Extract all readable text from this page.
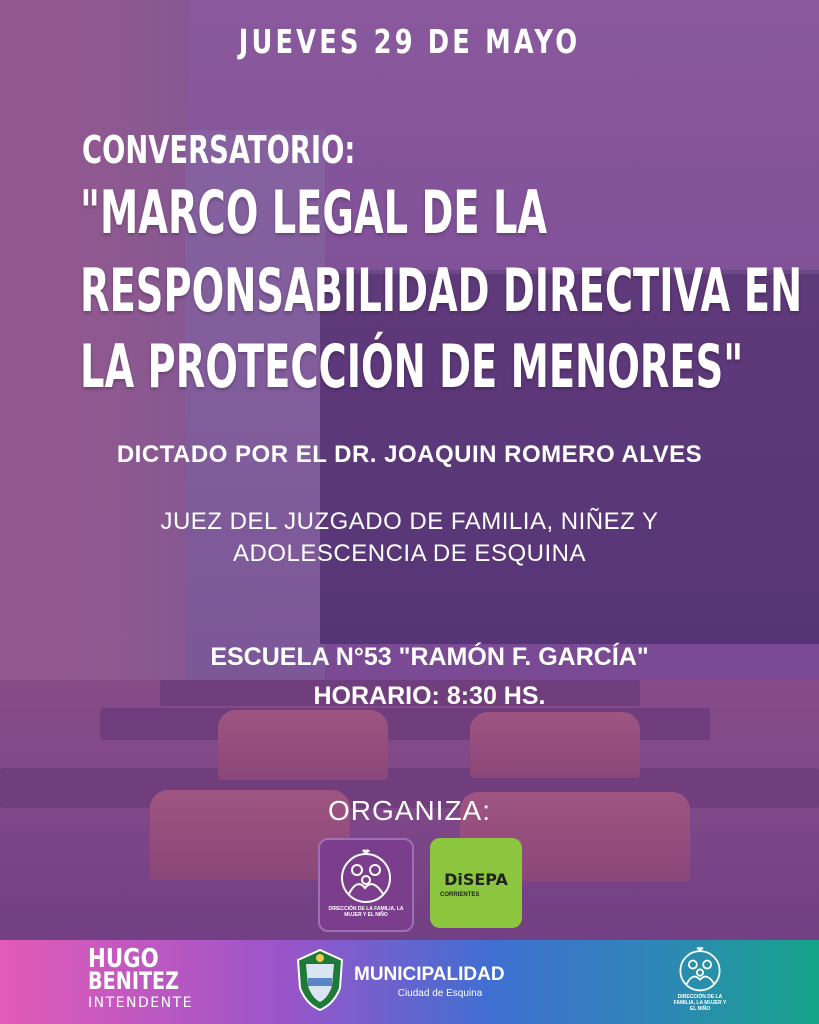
JUEVES 29 DE MAYO
CONVERSATORIO:
"MARCO LEGAL DE LA
RESPONSABILIDAD DIRECTIVA EN
LA PROTECCIÓN DE MENORES"
DICTADO POR EL DR. JOAQUIN ROMERO ALVES
JUEZ DEL JUZGADO DE FAMILIA, NIÑEZ Y
ADOLESCENCIA DE ESQUINA
ESCUELA N°53 "RAMÓN F. GARCÍA"
HORARIO: 8:30 HS.
ORGANIZA:
DIRECCIÓN DE LA FAMILIA, LA MUJER Y EL NIÑO
DiSEPA
CORRIENTES
HUGO
BENITEZ
INTENDENTE
MUNICIPALIDAD
Ciudad de Esquina	DIRECCIÓN DE LA FAMILIA, LA MUJER Y EL NIÑO
